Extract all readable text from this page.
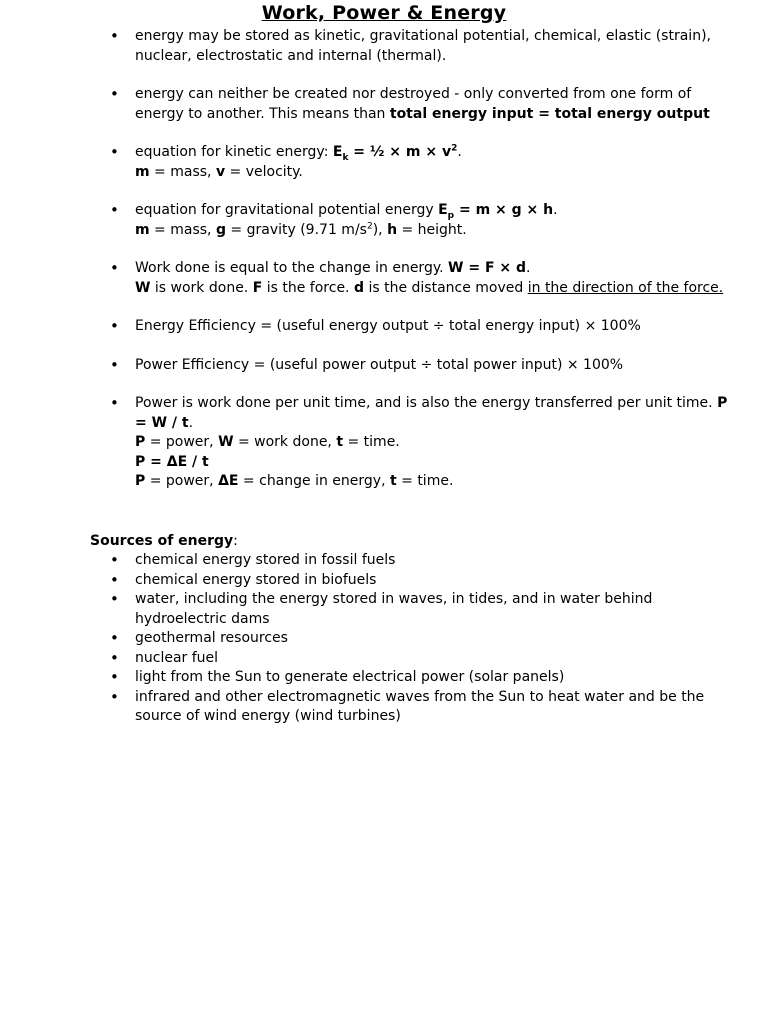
Work, Power & Energy
• energy may be stored as kinetic, gravitational potential, chemical, elastic (strain), nuclear, electrostatic and internal (thermal).
• energy can neither be created nor destroyed - only converted from one form of energy to another. This means than total energy input = total energy output
• equation for kinetic energy: $E_k$ = ½ × $m \times v^2$.
m = mass, v = velocity.
• equation for gravitational potential energy $E_p = m \times g \times h$.
m = mass, g = gravity (9.71 $m/s^2$), h = height.
• Work done is equal to the change in energy. W = F × d.
W is work done. F is the force. d is the distance moved in the direction of the force.
• Energy Efficiency = (useful energy output ÷ total energy input) × 100%
• Power Efficiency = (useful power output ÷ total power input) × 100%
• Power is work done per unit time, and is also the energy transferred per unit time. P = W / t.
P = power, W = work done, t = time.
P = ΔE / t
P = power, ΔE = change in energy, t = time.
Sources of energy:
• chemical energy stored in fossil fuels
• chemical energy stored in biofuels
• water, including the energy stored in waves, in tides, and in water behind hydroelectric dams
• geothermal resources
• nuclear fuel
• light from the Sun to generate electrical power (solar panels)
• infrared and other electromagnetic waves from the Sun to heat water and be the source of wind energy (wind turbines)
